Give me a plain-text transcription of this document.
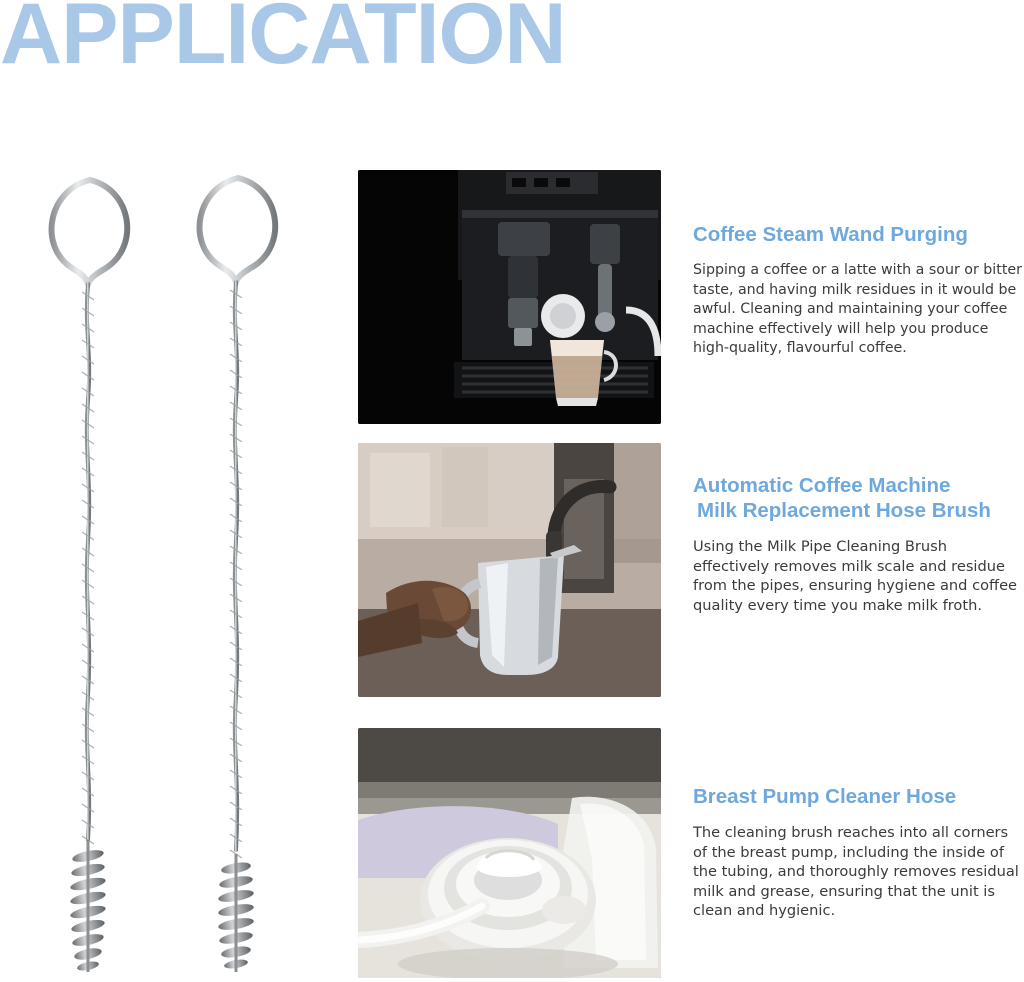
APPLICATION
Coffee Steam Wand Purging

Sipping a coffee or a latte with a sour or bitter taste, and having milk residues in it would be awful. Cleaning and maintaining your coffee machine effectively will help you produce high-quality, flavourful coffee.

Automatic Coffee Machine
Milk Replacement Hose Brush

Using the Milk Pipe Cleaning Brush effectively removes milk scale and residue from the pipes, ensuring hygiene and coffee quality every time you make milk froth.

Breast Pump Cleaner Hose

The cleaning brush reaches into all corners of the breast pump, including the inside of the tubing, and thoroughly removes residual milk and grease, ensuring that the unit is clean and hygienic.
